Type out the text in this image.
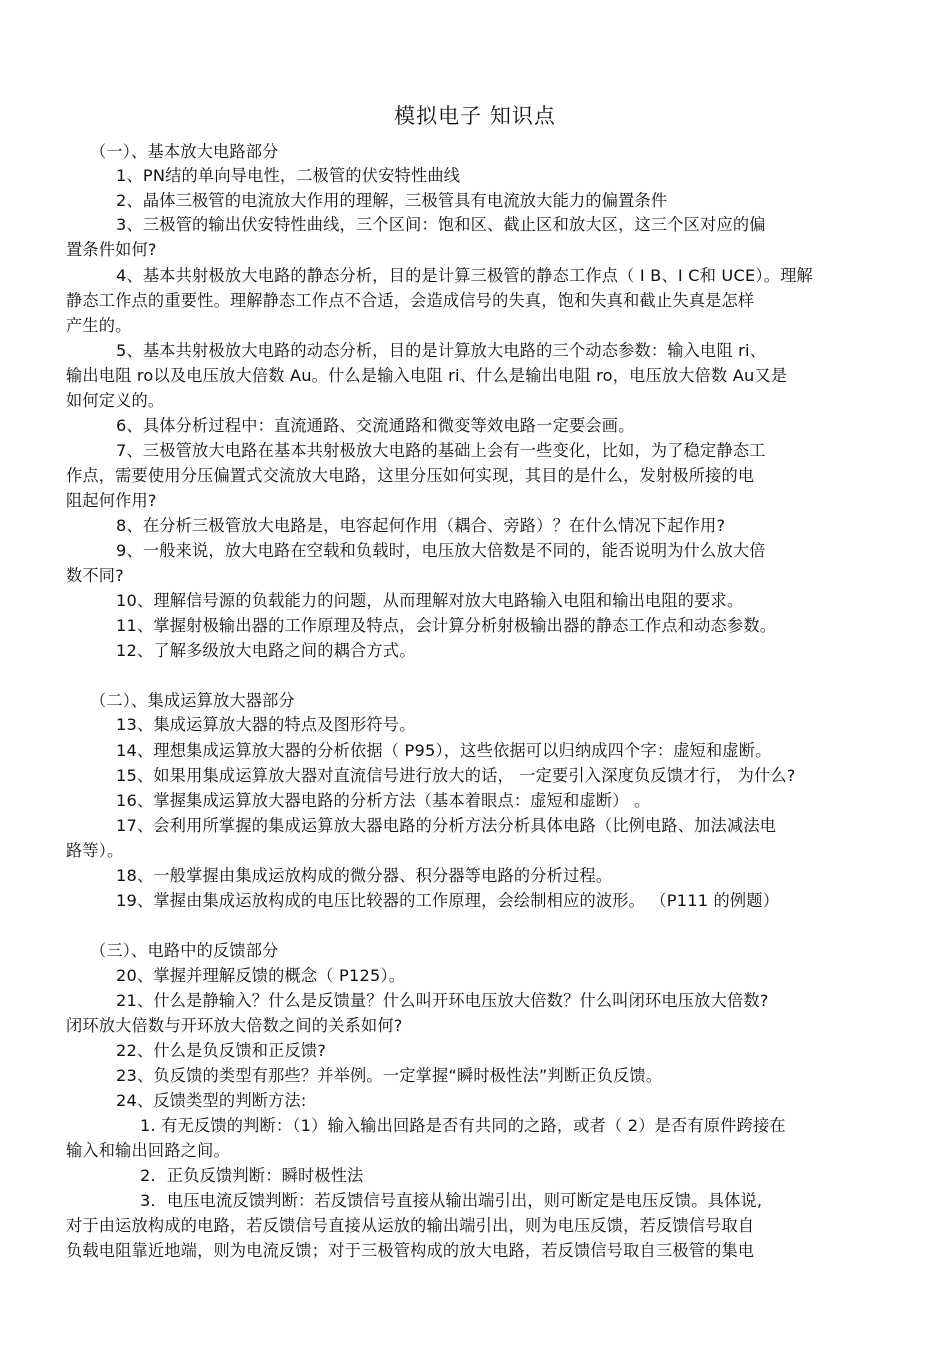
模拟电子 知识点
（一）、基本放大电路部分
1、PN结的单向导电性，二极管的伏安特性曲线
2、晶体三极管的电流放大作用的理解，三极管具有电流放大能力的偏置条件
3、三极管的输出伏安特性曲线，三个区间：饱和区、截止区和放大区，这三个区对应的偏
置条件如何?
4、基本共射极放大电路的静态分析，目的是计算三极管的静态工作点（ I B、I C和 UCE）。理解
静态工作点的重要性。理解静态工作点不合适，会造成信号的失真，饱和失真和截止失真是怎样
产生的。
5、基本共射极放大电路的动态分析，目的是计算放大电路的三个动态参数：输入电阻 ri、
输出电阻 ro以及电压放大倍数 Au。什么是输入电阻 ri、什么是输出电阻 ro，电压放大倍数 Au又是
如何定义的。
6、具体分析过程中：直流通路、交流通路和微变等效电路一定要会画。
7、三极管放大电路在基本共射极放大电路的基础上会有一些变化，比如，为了稳定静态工
作点，需要使用分压偏置式交流放大电路，这里分压如何实现，其目的是什么，发射极所接的电
阻起何作用?
8、在分析三极管放大电路是，电容起何作用（耦合、旁路）？在什么情况下起作用?
9、一般来说，放大电路在空载和负载时，电压放大倍数是不同的，能否说明为什么放大倍
数不同?
10、理解信号源的负载能力的问题，从而理解对放大电路输入电阻和输出电阻的要求。
11、掌握射极输出器的工作原理及特点，会计算分析射极输出器的静态工作点和动态参数。
12、了解多级放大电路之间的耦合方式。
（二）、集成运算放大器部分
13、集成运算放大器的特点及图形符号。
14、理想集成运算放大器的分析依据（ P95），这些依据可以归纳成四个字：虚短和虚断。
15、如果用集成运算放大器对直流信号进行放大的话， 一定要引入深度负反馈才行， 为什么?
16、掌握集成运算放大器电路的分析方法（基本着眼点：虚短和虚断） 。
17、会利用所掌握的集成运算放大器电路的分析方法分析具体电路（比例电路、加法减法电
路等）。
18、一般掌握由集成运放构成的微分器、积分器等电路的分析过程。
19、掌握由集成运放构成的电压比较器的工作原理，会绘制相应的波形。 （P111 的例题）
（三）、电路中的反馈部分
20、掌握并理解反馈的概念（ P125）。
21、什么是静输入？什么是反馈量？什么叫开环电压放大倍数？什么叫闭环电压放大倍数?
闭环放大倍数与开环放大倍数之间的关系如何?
22、什么是负反馈和正反馈?
23、负反馈的类型有那些？并举例。一定掌握“瞬时极性法”判断正负反馈。
24、反馈类型的判断方法:
1. 有无反馈的判断：（1）输入输出回路是否有共同的之路，或者（ 2）是否有原件跨接在
输入和输出回路之间。
2．正负反馈判断：瞬时极性法
3．电压电流反馈判断：若反馈信号直接从输出端引出，则可断定是电压反馈。具体说,
对于由运放构成的电路，若反馈信号直接从运放的输出端引出，则为电压反馈，若反馈信号取自
负载电阻靠近地端，则为电流反馈；对于三极管构成的放大电路，若反馈信号取自三极管的集电
